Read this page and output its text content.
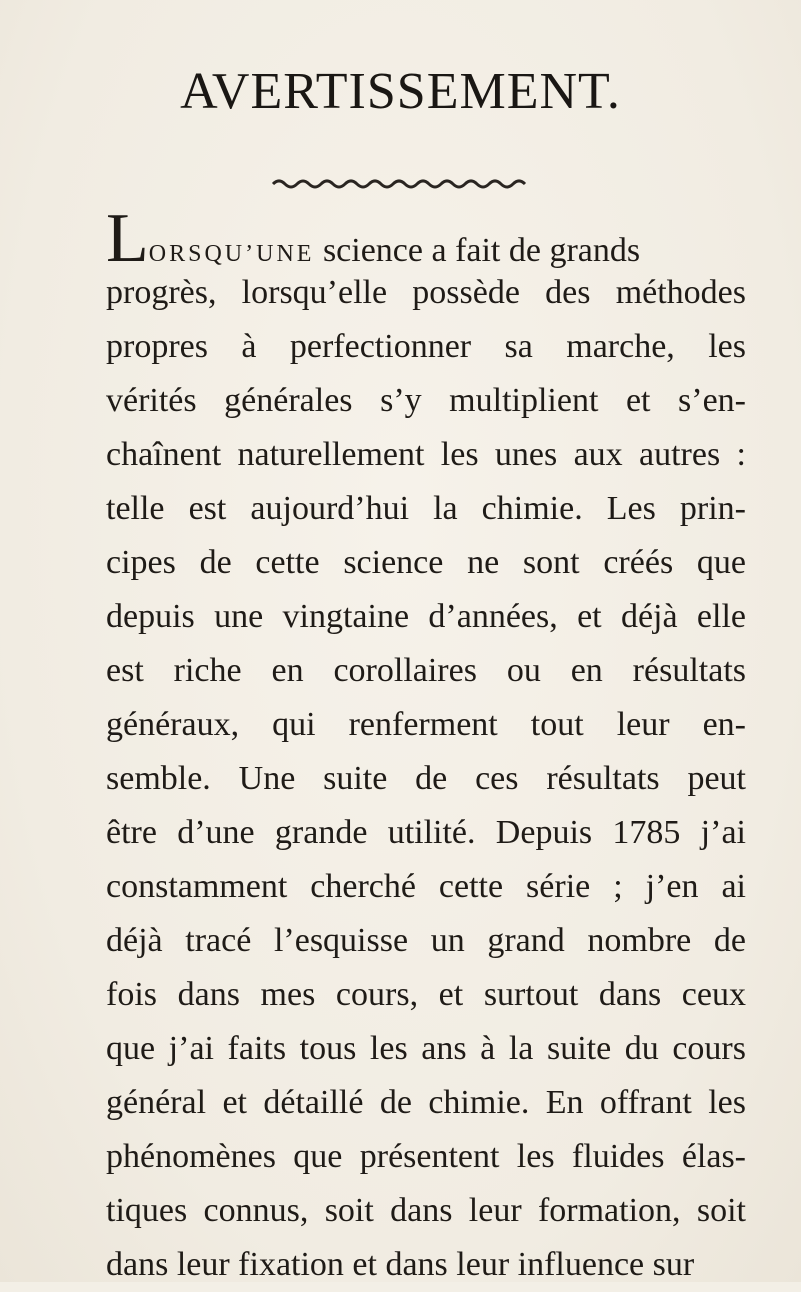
AVERTISSEMENT.
LORSQU’UNE science a fait de grands
progrès, lorsqu’elle possède des méthodes
propres à perfectionner sa marche, les
vérités générales s’y multiplient et s’en-
chaînent naturellement les unes aux autres :
telle est aujourd’hui la chimie. Les prin-
cipes de cette science ne sont créés que
depuis une vingtaine d’années, et déjà elle
est riche en corollaires ou en résultats
généraux, qui renferment tout leur en-
semble. Une suite de ces résultats peut
être d’une grande utilité. Depuis 1785 j’ai
constamment cherché cette série ; j’en ai
déjà tracé l’esquisse un grand nombre de
fois dans mes cours, et surtout dans ceux
que j’ai faits tous les ans à la suite du cours
général et détaillé de chimie. En offrant les
phénomènes que présentent les fluides élas-
tiques connus, soit dans leur formation, soit
dans leur fixation et dans leur influence sur
